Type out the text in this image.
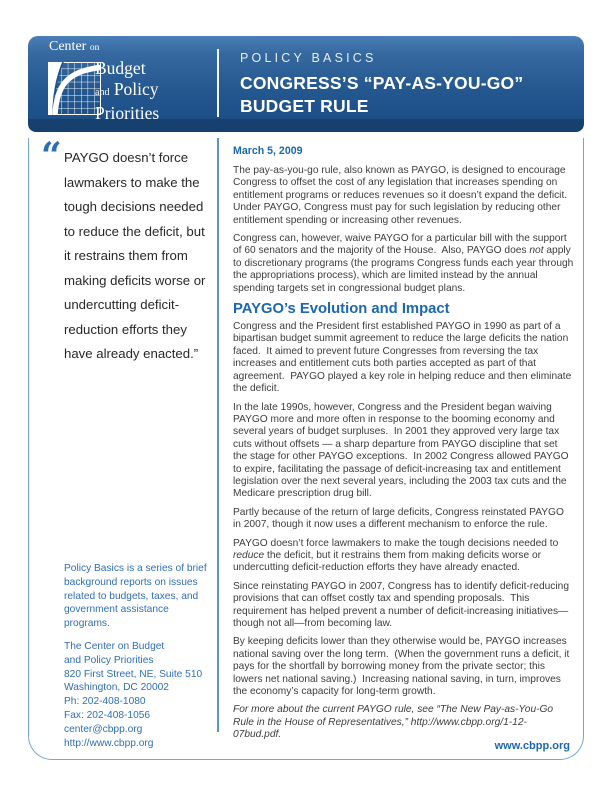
Center on
Budget
and Policy
Priorities
POLICY BASICS
CONGRESS’S “PAY-AS-YOU-GO”
BUDGET RULE
“ PAYGO doesn’t force lawmakers to make the tough decisions needed to reduce the deficit, but it restrains them from making deficits worse or undercutting deficit-reduction efforts they have already enacted.”
Policy Basics is a series of brief background reports on issues related to budgets, taxes, and government assistance programs.
The Center on Budget
and Policy Priorities
820 First Street, NE, Suite 510
Washington, DC 20002
Ph: 202-408-1080
Fax: 202-408-1056
center@cbpp.org
http://www.cbpp.org
March 5, 2009

The pay-as-you-go rule, also known as PAYGO, is designed to encourage Congress to offset the cost of any legislation that increases spending on entitlement programs or reduces revenues so it doesn’t expand the deficit.  Under PAYGO, Congress must pay for such legislation by reducing other entitlement spending or increasing other revenues.

Congress can, however, waive PAYGO for a particular bill with the support of 60 senators and the majority of the House.  Also, PAYGO does not apply to discretionary programs (the programs Congress funds each year through the appropriations process), which are limited instead by the annual spending targets set in congressional budget plans.

PAYGO’s Evolution and Impact

Congress and the President first established PAYGO in 1990 as part of a bipartisan budget summit agreement to reduce the large deficits the nation faced.  It aimed to prevent future Congresses from reversing the tax increases and entitlement cuts both parties accepted as part of that agreement.  PAYGO played a key role in helping reduce and then eliminate the deficit.

In the late 1990s, however, Congress and the President began waiving PAYGO more and more often in response to the booming economy and several years of budget surpluses.  In 2001 they approved very large tax cuts without offsets — a sharp departure from PAYGO discipline that set the stage for other PAYGO exceptions.  In 2002 Congress allowed PAYGO to expire, facilitating the passage of deficit-increasing tax and entitlement legislation over the next several years, including the 2003 tax cuts and the Medicare prescription drug bill.

Partly because of the return of large deficits, Congress reinstated PAYGO in 2007, though it now uses a different mechanism to enforce the rule.

PAYGO doesn’t force lawmakers to make the tough decisions needed to reduce the deficit, but it restrains them from making deficits worse or undercutting deficit-reduction efforts they have already enacted.

Since reinstating PAYGO in 2007, Congress has to identify deficit-reducing provisions that can offset costly tax and spending proposals.  This requirement has helped prevent a number of deficit-increasing initiatives—though not all—from becoming law.

By keeping deficits lower than they otherwise would be, PAYGO increases national saving over the long term.  (When the government runs a deficit, it pays for the shortfall by borrowing money from the private sector; this lowers net national saving.)  Increasing national saving, in turn, improves the economy’s capacity for long-term growth.

For more about the current PAYGO rule, see “The New Pay-as-You-Go Rule in the House of Representatives,” http://www.cbpp.org/1-12-07bud.pdf.

www.cbpp.org
